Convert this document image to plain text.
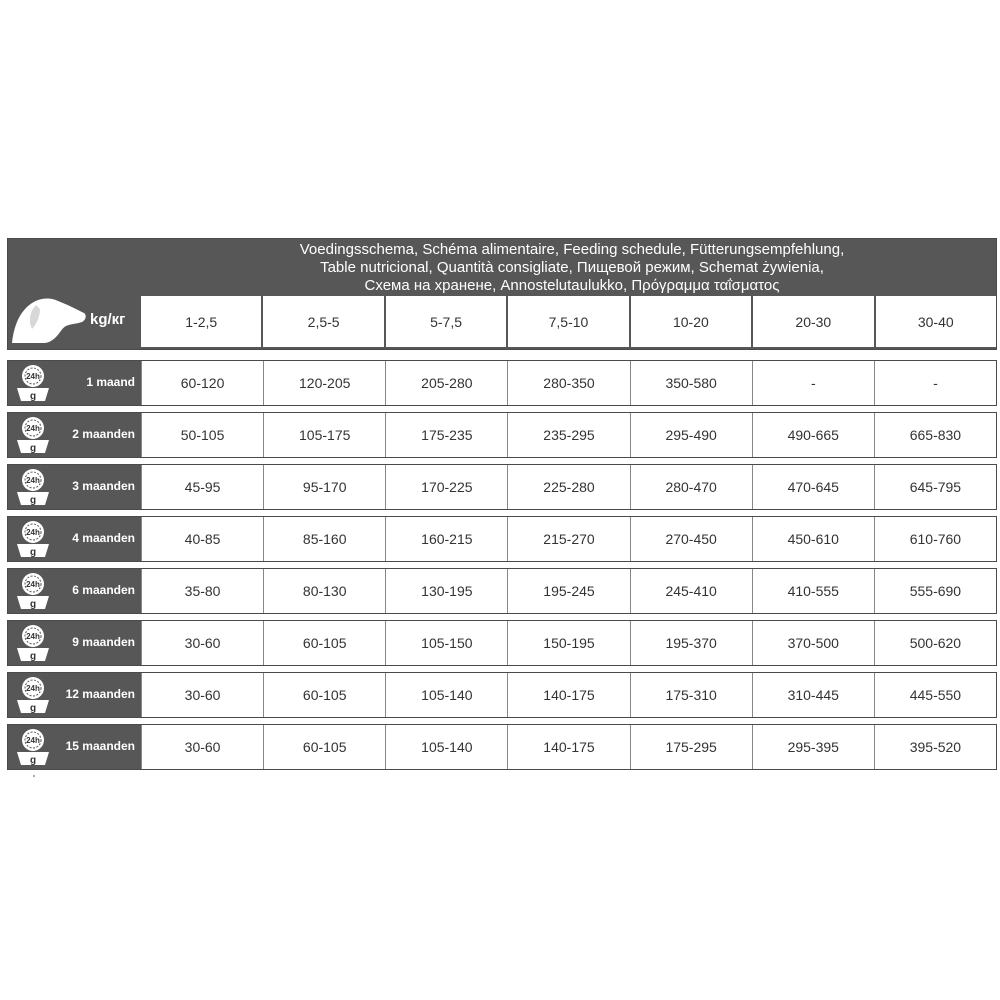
Voedingsschema, Schéma alimentaire, Feeding schedule, Fütterungsempfehlung,
Table nutricional, Quantità consigliate, Пищевой режим, Schemat żywienia,
Схема на хранене, Annostelutaulukko, Πρόγραμμα ταΐσματος
kg/кг	1-2,5	2,5-5	5-7,5	7,5-10	10-20	20-30	30-40
24h
g
1 maand	60-120	120-205	205-280	280-350	350-580	-	-
24h
g
2 maanden	50-105	105-175	175-235	235-295	295-490	490-665	665-830
24h
g
3 maanden	45-95	95-170	170-225	225-280	280-470	470-645	645-795
24h
g
4 maanden	40-85	85-160	160-215	215-270	270-450	450-610	610-760
24h
g
6 maanden	35-80	80-130	130-195	195-245	245-410	410-555	555-690
24h
g
9 maanden	30-60	60-105	105-150	150-195	195-370	370-500	500-620
24h
g
12 maanden	30-60	60-105	105-140	140-175	175-310	310-445	445-550
24h
g
15 maanden	30-60	60-105	105-140	140-175	175-295	295-395	395-520
